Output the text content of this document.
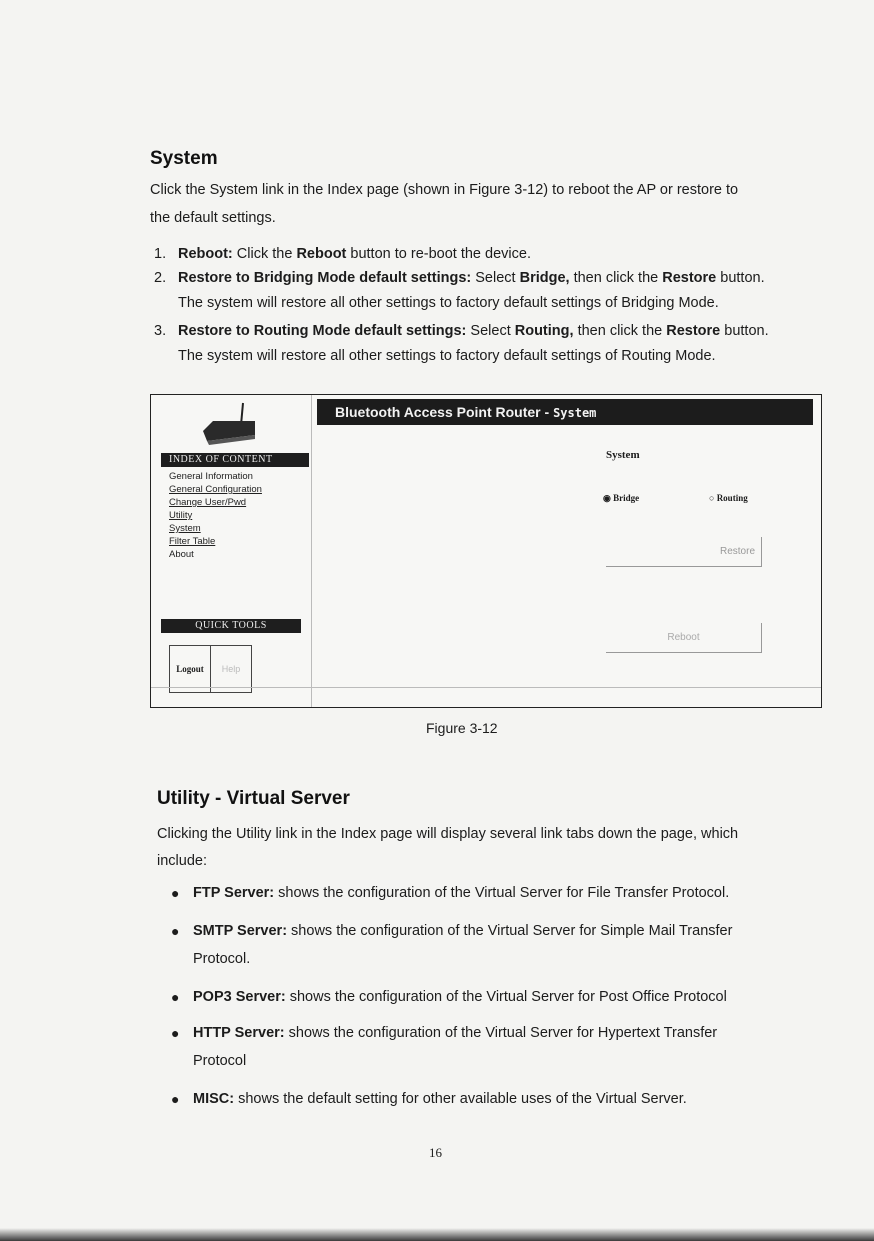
System
Click the System link in the Index page (shown in Figure 3-12) to reboot the AP or restore to
the default settings.
1. Reboot: Click the Reboot button to re-boot the device.
2. Restore to Bridging Mode default settings: Select Bridge, then click the Restore button.
The system will restore all other settings to factory default settings of Bridging Mode.
3. Restore to Routing Mode default settings: Select Routing, then click the Restore button.
The system will restore all other settings to factory default settings of Routing Mode.
INDEX OF CONTENT
General Information
General Configuration
Change User/Pwd
Utility
System
Filter Table
About
QUICK TOOLS
Logout	Help
Bluetooth Access Point Router - System
System
◉ Bridge	○ Routing
Restore
Reboot
Figure 3-12
Utility - Virtual Server
Clicking the Utility link in the Index page will display several link tabs down the page, which
include:
● FTP Server: shows the configuration of the Virtual Server for File Transfer Protocol.
● SMTP Server: shows the configuration of the Virtual Server for Simple Mail Transfer
Protocol.
● POP3 Server: shows the configuration of the Virtual Server for Post Office Protocol
● HTTP Server: shows the configuration of the Virtual Server for Hypertext Transfer
Protocol
● MISC: shows the default setting for other available uses of the Virtual Server.
16
